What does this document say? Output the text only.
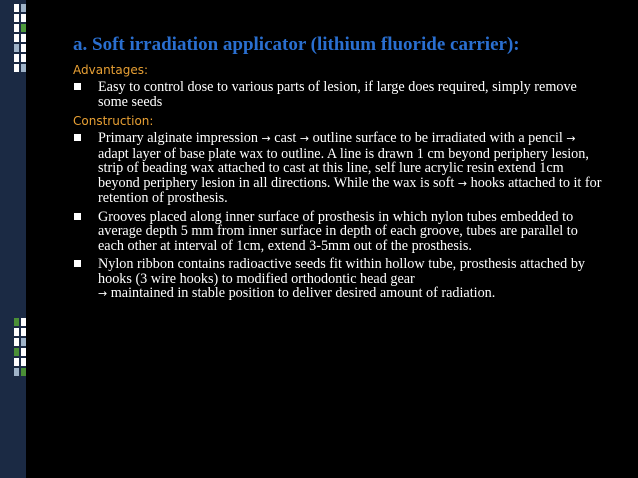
a. Soft irradiation applicator (lithium fluoride carrier):

Advantages:

Easy to control dose to various parts of lesion, if large does required, simply remove some seeds

Construction:

Primary alginate impression → cast → outline surface to be irradiated with a pencil → adapt layer of base plate wax to outline. A line is drawn 1 cm beyond periphery lesion, strip of beading wax attached to cast at this line, self lure acrylic resin extend 1cm beyond periphery lesion in all directions. While the wax is soft → hooks attached to it for retention of prosthesis.
Grooves placed along inner surface of prosthesis in which nylon tubes embedded to average depth 5 mm from inner surface in depth of each groove, tubes are parallel to each other at interval of 1cm, extend 3-5mm out of the prosthesis.
Nylon ribbon contains radioactive seeds fit within hollow tube, prosthesis attached by hooks (3 wire hooks) to modified orthodontic head gear
→ maintained in stable position to deliver desired amount of radiation.
